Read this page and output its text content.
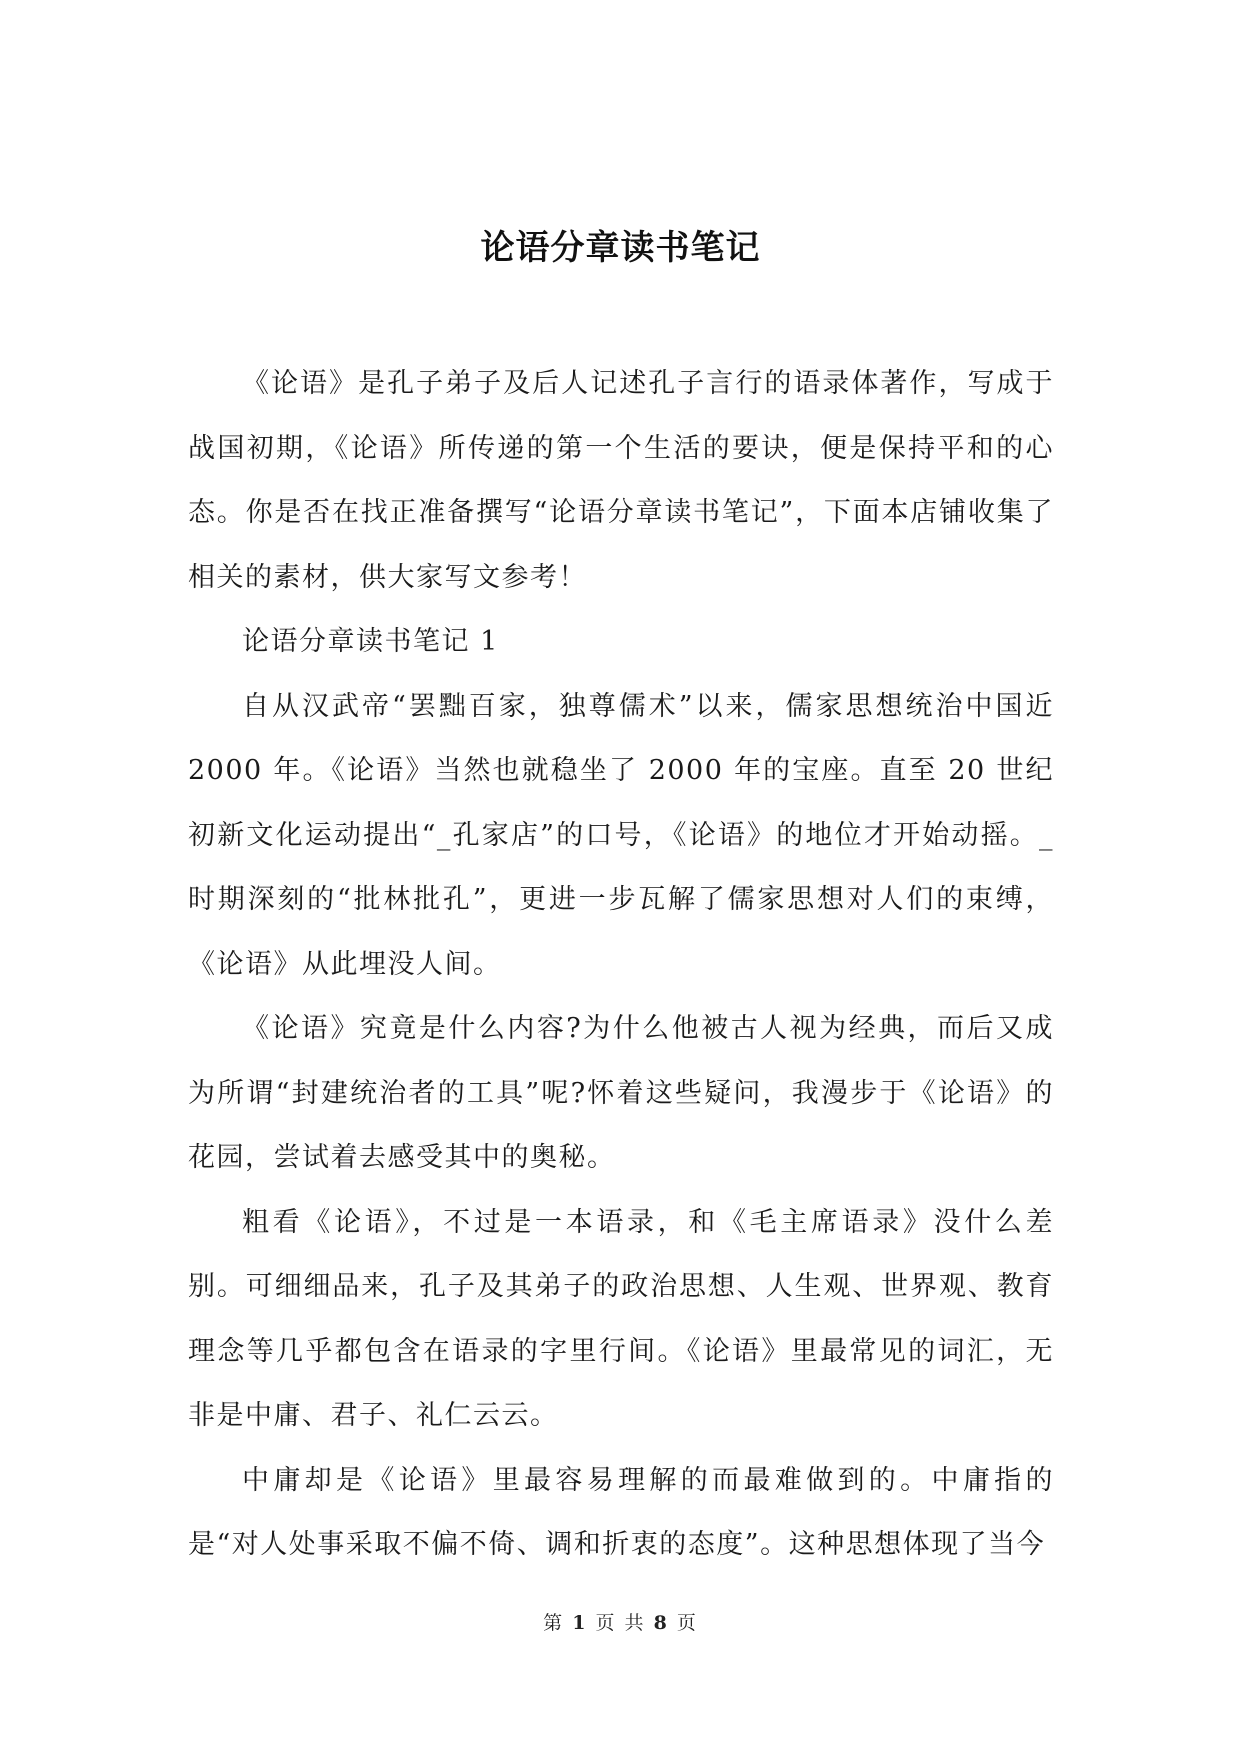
论语分章读书笔记

《论语》是孔子弟子及后人记述孔子言行的语录体著作，写成于战国初期，《论语》所传递的第一个生活的要诀，便是保持平和的心态。你是否在找正准备撰写“论语分章读书笔记”，下面本店铺收集了相关的素材，供大家写文参考！

论语分章读书笔记 1

自从汉武帝“罢黜百家，独尊儒术”以来，儒家思想统治中国近 2000 年。《论语》当然也就稳坐了 2000 年的宝座。直至 20 世纪初新文化运动提出“_孔家店”的口号，《论语》的地位才开始动摇。_时期深刻的“批林批孔”，更进一步瓦解了儒家思想对人们的束缚，《论语》从此埋没人间。

《论语》究竟是什么内容?为什么他被古人视为经典，而后又成为所谓“封建统治者的工具”呢?怀着这些疑问，我漫步于《论语》的花园，尝试着去感受其中的奥秘。

粗看《论语》，不过是一本语录，和《毛主席语录》没什么差别。可细细品来，孔子及其弟子的政治思想、人生观、世界观、教育理念等几乎都包含在语录的字里行间。《论语》里最常见的词汇，无非是中庸、君子、礼仁云云。

中庸却是《论语》里最容易理解的而最难做到的。中庸指的是“对人处事采取不偏不倚、调和折衷的态度”。这种思想体现了当今

第 1 页 共 8 页
